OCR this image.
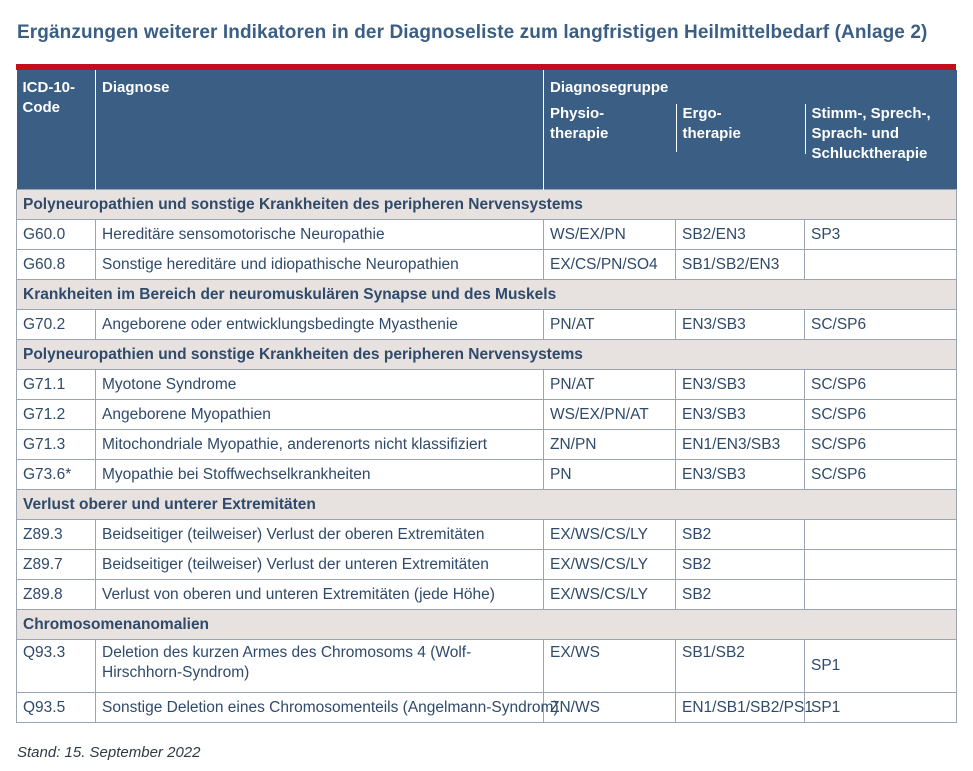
Ergänzungen weiterer Indikatoren in der Diagnoseliste zum langfristigen Heilmittelbedarf (Anlage 2)
ICD-10-Code	Diagnose	Diagnosegruppe		

		Physio-therapie	Ergo-therapie	Stimm-, Sprech-, Sprach- und Schlucktherapie

Polyneuropathien und sonstige Krankheiten des peripheren Nervensystems				
G60.0	Hereditäre sensomotorische Neuropathie	WS/EX/PN	SB2/EN3	SP3
G60.8	Sonstige hereditäre und idiopathische Neuropathien	EX/CS/PN/SO4	SB1/SB2/EN3	
Krankheiten im Bereich der neuromuskulären Synapse und des Muskels				
G70.2	Angeborene oder entwicklungsbedingte Myasthenie	PN/AT	EN3/SB3	SC/SP6
Polyneuropathien und sonstige Krankheiten des peripheren Nervensystems				
G71.1	Myotone Syndrome	PN/AT	EN3/SB3	SC/SP6
G71.2	Angeborene Myopathien	WS/EX/PN/AT	EN3/SB3	SC/SP6
G71.3	Mitochondriale Myopathie, anderenorts nicht klassifiziert	ZN/PN	EN1/EN3/SB3	SC/SP6
G73.6*	Myopathie bei Stoffwechselkrankheiten	PN	EN3/SB3	SC/SP6
Verlust oberer und unterer Extremitäten				
Z89.3	Beidseitiger (teilweiser) Verlust der oberen Extremitäten	EX/WS/CS/LY	SB2	
Z89.7	Beidseitiger (teilweiser) Verlust der unteren Extremitäten	EX/WS/CS/LY	SB2	
Z89.8	Verlust von oberen und unteren Extremitäten (jede Höhe)	EX/WS/CS/LY	SB2	
Chromosomenanomalien				
Q93.3	Deletion des kurzen Armes des Chromosoms 4 (Wolf-Hirschhorn-Syndrom)	EX/WS	SB1/SB2	SP1
Q93.5	Sonstige Deletion eines Chromosomenteils (Angelmann-Syndrom)	ZN/WS	EN1/SB1/SB2/PS1	SP1
Stand: 15. September 2022
